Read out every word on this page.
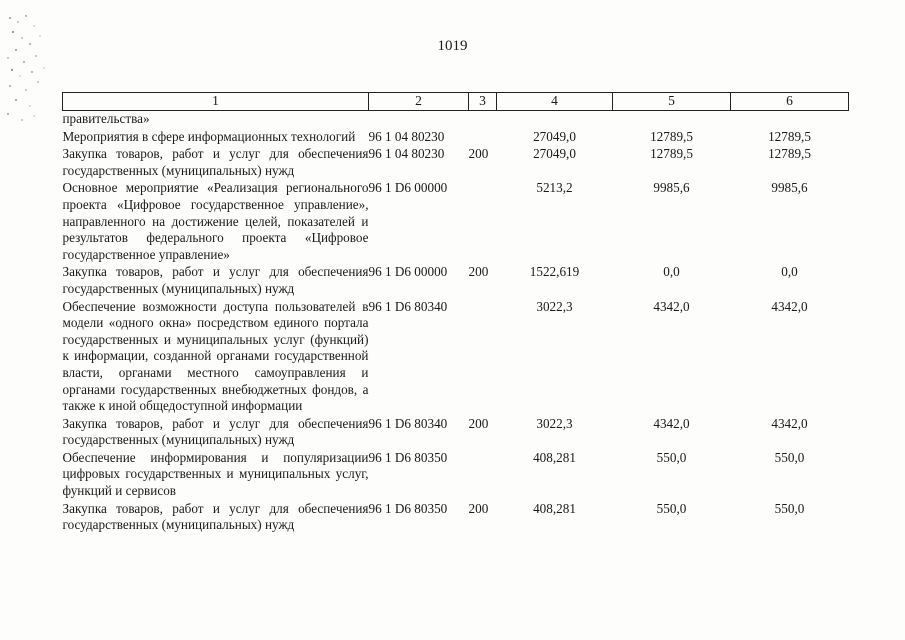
1019
1	2	3	4	5	6
правительства»					
Мероприятия в сфере информационных технологий	96 1 04 80230		27049,0	12789,5	12789,5
Закупка товаров, работ и услуг для обеспечения государственных (муниципальных) нужд	96 1 04 80230	200	27049,0	12789,5	12789,5
Основное мероприятие «Реализация регионального проекта «Цифровое государственное управление», направленного на достижение целей, показателей и результатов федерального проекта «Цифровое государственное управление»	96 1 D6 00000		5213,2	9985,6	9985,6
Закупка товаров, работ и услуг для обеспечения государственных (муниципальных) нужд	96 1 D6 00000	200	1522,619	0,0	0,0
Обеспечение возможности доступа пользователей в модели «одного окна» посредством единого портала государственных и муниципальных услуг (функций) к информации, созданной органами государственной власти, органами местного самоуправления и органами государственных внебюджетных фондов, а также к иной общедоступной информации	96 1 D6 80340		3022,3	4342,0	4342,0
Закупка товаров, работ и услуг для обеспечения государственных (муниципальных) нужд	96 1 D6 80340	200	3022,3	4342,0	4342,0
Обеспечение информирования и популяризации цифровых государственных и муниципальных услуг, функций и сервисов	96 1 D6 80350		408,281	550,0	550,0
Закупка товаров, работ и услуг для обеспечения государственных (муниципальных) нужд	96 1 D6 80350	200	408,281	550,0	550,0
